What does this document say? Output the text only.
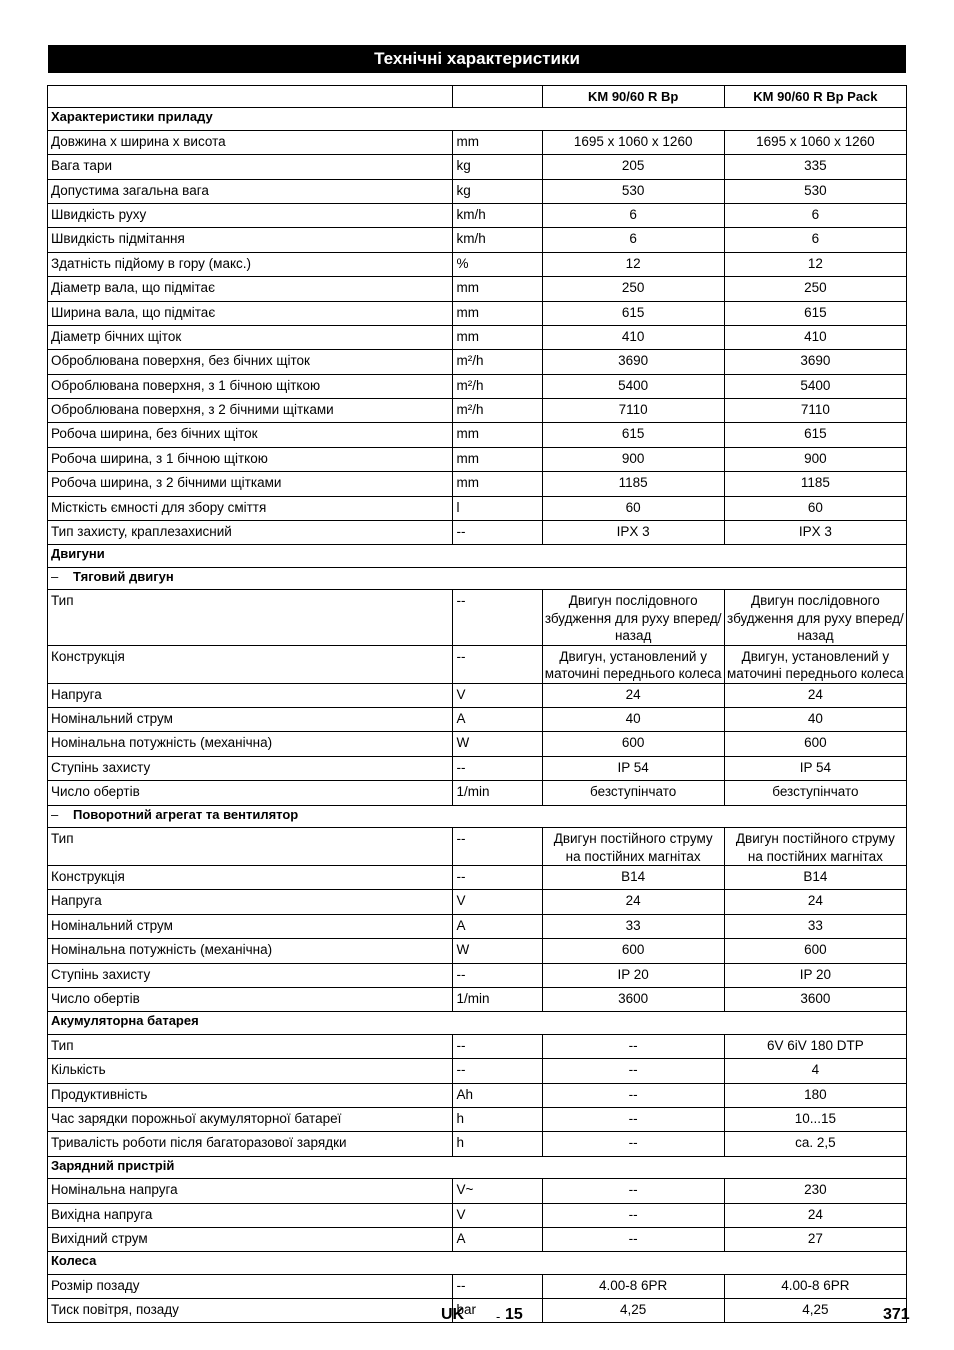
Технічні характеристики
		KM 90/60 R Bp	KM 90/60 R Bp Pack
Характеристики приладу			
Довжина x ширина x висота	mm	1695 x 1060 x 1260	1695 x 1060 x 1260
Вага тари	kg	205	335
Допустима загальна вага	kg	530	530
Швидкість руху	km/h	6	6
Швидкість підмітання	km/h	6	6
Здатність підйому в гору (макс.)	%	12	12
Діаметр вала, що підмітає	mm	250	250
Ширина вала, що підмітає	mm	615	615
Діаметр бічних щіток	mm	410	410
Оброблювана поверхня, без бічних щіток	m²/h	3690	3690
Оброблювана поверхня, з 1 бічною щіткою	m²/h	5400	5400
Оброблювана поверхня, з 2 бічними щітками	m²/h	7110	7110
Робоча ширина, без бічних щіток	mm	615	615
Робоча ширина, з 1 бічною щіткою	mm	900	900
Робоча ширина, з 2 бічними щітками	mm	1185	1185
Місткість ємності для збору сміття	l	60	60
Тип захисту, краплезахисний	--	IPX 3	IPX 3
Двигуни			
– Тяговий двигун			
Тип	--	Двигун послідовного збудження для руху вперед/назад	Двигун послідовного збудження для руху вперед/назад
Конструкція	--	Двигун, установлений у маточині переднього колеса	Двигун, установлений у маточині переднього колеса
Напруга	V	24	24
Номінальний струм	A	40	40
Номінальна потужність (механічна)	W	600	600
Ступінь захисту	--	IP 54	IP 54
Число обертів	1/min	безступінчато	безступінчато
– Поворотний агрегат та вентилятор			
Тип	--	Двигун постійного струму на постійних магнітах	Двигун постійного струму на постійних магнітах
Конструкція	--	B14	B14
Напруга	V	24	24
Номінальний струм	A	33	33
Номінальна потужність (механічна)	W	600	600
Ступінь захисту	--	IP 20	IP 20
Число обертів	1/min	3600	3600
Акумуляторна батарея			
Тип	--	--	6V 6iV 180 DTP
Кількість	--	--	4
Продуктивність	Ah	--	180
Час зарядки порожньої акумуляторної батареї	h	--	10...15
Тривалість роботи після багаторазової зарядки	h	--	ca. 2,5
Зарядний пристрій			
Номінальна напруга	V~	--	230
Вихідна напруга	V	--	24
Вихідний струм	A	--	27
Колеса			
Розмір позаду	--	4.00-8 6PR	4.00-8 6PR
Тиск повітря, позаду	bar	4,25	4,25
UK - 15	371
